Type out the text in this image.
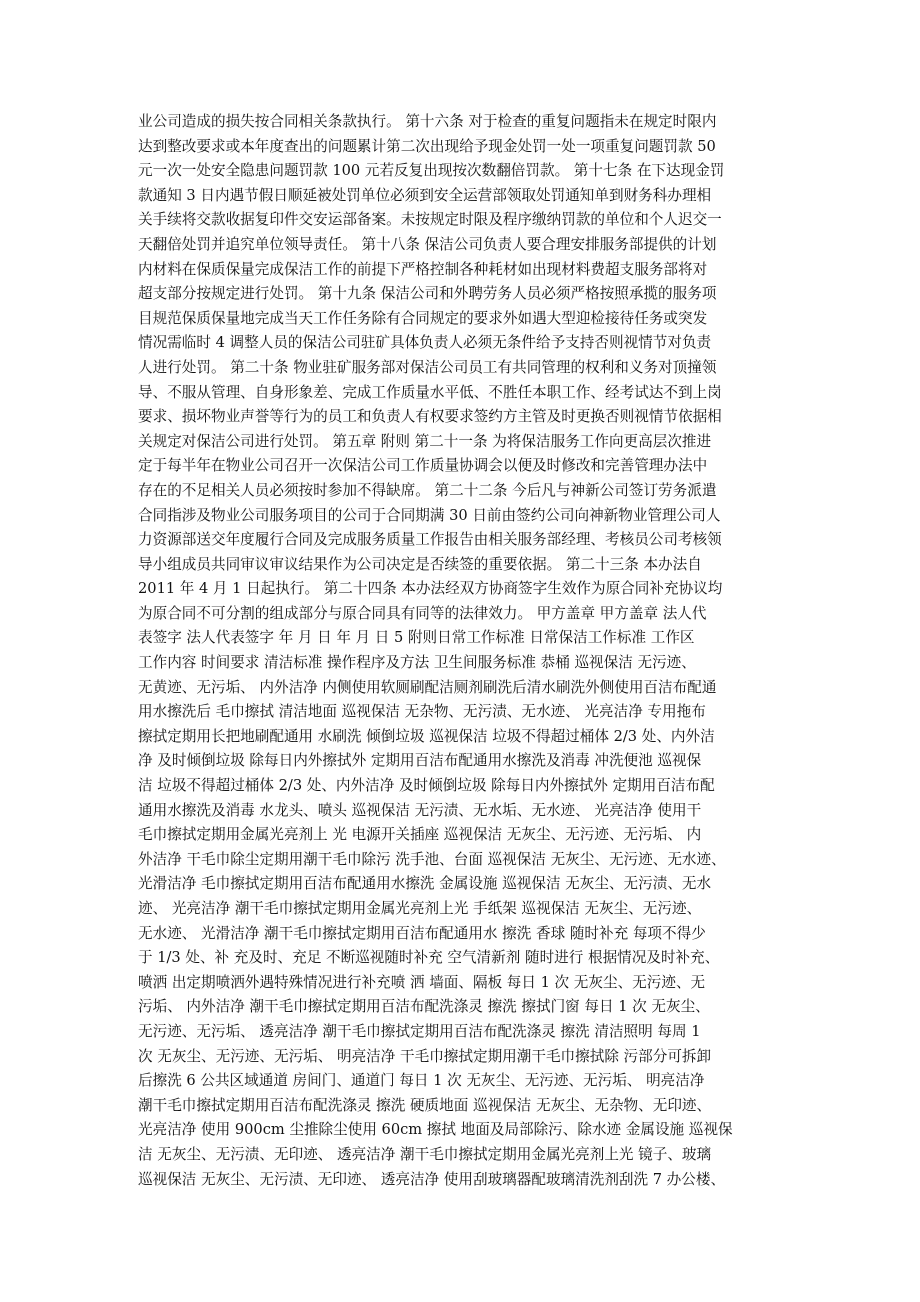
业公司造成的损失按合同相关条款执行。 第十六条 对于检查的重复问题指未在规定时限内
达到整改要求或本年度查出的问题累计第二次出现给予现金处罚一处一项重复问题罚款 50
元一次一处安全隐患问题罚款 100 元若反复出现按次数翻倍罚款。 第十七条 在下达现金罚
款通知 3 日内遇节假日顺延被处罚单位必须到安全运营部领取处罚通知单到财务科办理相
关手续将交款收据复印件交安运部备案。未按规定时限及程序缴纳罚款的单位和个人迟交一
天翻倍处罚并追究单位领导责任。 第十八条 保洁公司负责人要合理安排服务部提供的计划
内材料在保质保量完成保洁工作的前提下严格控制各种耗材如出现材料费超支服务部将对
超支部分按规定进行处罚。 第十九条 保洁公司和外聘劳务人员必须严格按照承揽的服务项
目规范保质保量地完成当天工作任务除有合同规定的要求外如遇大型迎检接待任务或突发
情况需临时 4 调整人员的保洁公司驻矿具体负责人必须无条件给予支持否则视情节对负责
人进行处罚。 第二十条 物业驻矿服务部对保洁公司员工有共同管理的权利和义务对顶撞领
导、不服从管理、自身形象差、完成工作质量水平低、不胜任本职工作、经考试达不到上岗
要求、损坏物业声誉等行为的员工和负责人有权要求签约方主管及时更换否则视情节依据相
关规定对保洁公司进行处罚。 第五章 附则 第二十一条 为将保洁服务工作向更高层次推进
定于每半年在物业公司召开一次保洁公司工作质量协调会以便及时修改和完善管理办法中
存在的不足相关人员必须按时参加不得缺席。 第二十二条 今后凡与神新公司签订劳务派遣
合同指涉及物业公司服务项目的公司于合同期满 30 日前由签约公司向神新物业管理公司人
力资源部送交年度履行合同及完成服务质量工作报告由相关服务部经理、考核员公司考核领
导小组成员共同审议审议结果作为公司决定是否续签的重要依据。 第二十三条 本办法自
2011 年 4 月 1 日起执行。 第二十四条 本办法经双方协商签字生效作为原合同补充协议均
为原合同不可分割的组成部分与原合同具有同等的法律效力。 甲方盖章 甲方盖章 法人代
表签字 法人代表签字 年 月 日 年 月 日 5 附则日常工作标准 日常保洁工作标准 工作区
工作内容 时间要求 清洁标准 操作程序及方法 卫生间服务标准 恭桶 巡视保洁 无污迹、
无黄迹、无污垢、 内外洁净 内侧使用软厕刷配洁厕剂刷洗后清水刷洗外侧使用百洁布配通
用水擦洗后 毛巾擦拭 清洁地面 巡视保洁 无杂物、无污渍、无水迹、 光亮洁净 专用拖布
擦拭定期用长把地刷配通用 水刷洗 倾倒垃圾 巡视保洁 垃圾不得超过桶体 2/3 处、内外洁
净 及时倾倒垃圾 除每日内外擦拭外 定期用百洁布配通用水擦洗及消毒 冲洗便池 巡视保
洁 垃圾不得超过桶体 2/3 处、内外洁净 及时倾倒垃圾 除每日内外擦拭外 定期用百洁布配
通用水擦洗及消毒 水龙头、喷头 巡视保洁 无污渍、无水垢、无水迹、 光亮洁净 使用干
毛巾擦拭定期用金属光亮剂上 光 电源开关插座 巡视保洁 无灰尘、无污迹、无污垢、 内
外洁净 干毛巾除尘定期用潮干毛巾除污 洗手池、台面 巡视保洁 无灰尘、无污迹、无水迹、
光滑洁净 毛巾擦拭定期用百洁布配通用水擦洗 金属设施 巡视保洁 无灰尘、无污渍、无水
迹、 光亮洁净 潮干毛巾擦拭定期用金属光亮剂上光 手纸架 巡视保洁 无灰尘、无污迹、
无水迹、 光滑洁净 潮干毛巾擦拭定期用百洁布配通用水 擦洗 香球 随时补充 每项不得少
于 1/3 处、补 充及时、充足 不断巡视随时补充 空气清新剂 随时进行 根据情况及时补充、
喷洒 出定期喷洒外遇特殊情况进行补充喷 洒 墙面、隔板 每日 1 次 无灰尘、无污迹、无
污垢、 内外洁净 潮干毛巾擦拭定期用百洁布配洗涤灵 擦洗 擦拭门窗 每日 1 次 无灰尘、
无污迹、无污垢、 透亮洁净 潮干毛巾擦拭定期用百洁布配洗涤灵 擦洗 清洁照明 每周 1
次 无灰尘、无污迹、无污垢、 明亮洁净 干毛巾擦拭定期用潮干毛巾擦拭除 污部分可拆卸
后擦洗 6 公共区域通道 房间门、通道门 每日 1 次 无灰尘、无污迹、无污垢、 明亮洁净
潮干毛巾擦拭定期用百洁布配洗涤灵 擦洗 硬质地面 巡视保洁 无灰尘、无杂物、无印迹、
光亮洁净 使用 900cm 尘推除尘使用 60cm 擦拭 地面及局部除污、除水迹 金属设施 巡视保
洁 无灰尘、无污渍、无印迹、 透亮洁净 潮干毛巾擦拭定期用金属光亮剂上光 镜子、玻璃
巡视保洁 无灰尘、无污渍、无印迹、 透亮洁净 使用刮玻璃器配玻璃清洗剂刮洗 7 办公楼、
